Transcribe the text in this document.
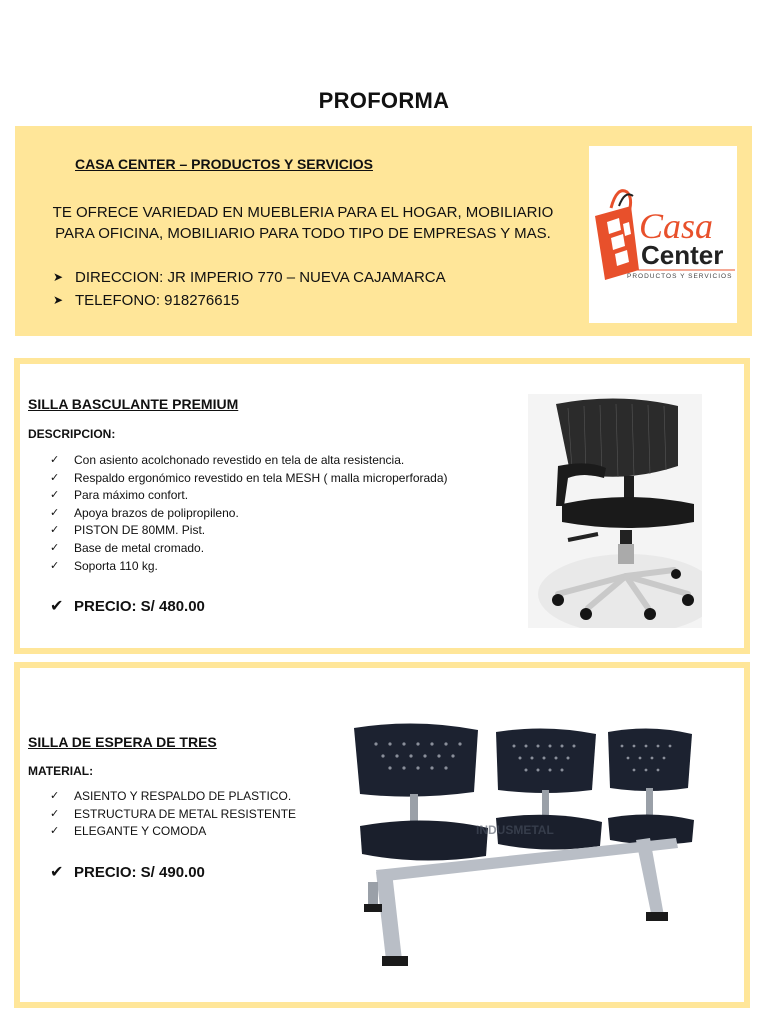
PROFORMA
CASA CENTER – PRODUCTOS Y SERVICIOS
TE OFRECE VARIEDAD EN MUEBLERIA PARA EL HOGAR, MOBILIARIO
PARA OFICINA, MOBILIARIO PARA TODO TIPO DE EMPRESAS Y MAS.
➤ DIRECCION: JR IMPERIO 770 – NUEVA CAJAMARCA
➤ TELEFONO: 918276615
Casa
Center
PRODUCTOS Y SERVICIOS
SILLA BASCULANTE PREMIUM
DESCRIPCION:
✓	Con asiento acolchonado revestido en tela de alta resistencia.
✓	Respaldo ergonómico revestido en tela MESH ( malla microperforada)
✓	Para máximo confort.
✓	Apoya brazos de polipropileno.
✓	PISTON DE 80MM. Pist.
✓	Base de metal cromado.
✓	Soporta 110 kg.
✔ PRECIO: S/ 480.00
SILLA DE ESPERA DE TRES
MATERIAL:
✓	ASIENTO Y RESPALDO DE PLASTICO.
✓	ESTRUCTURA DE METAL RESISTENTE
✓	ELEGANTE Y COMODA
✔ PRECIO: S/ 490.00
INDUSMETAL
